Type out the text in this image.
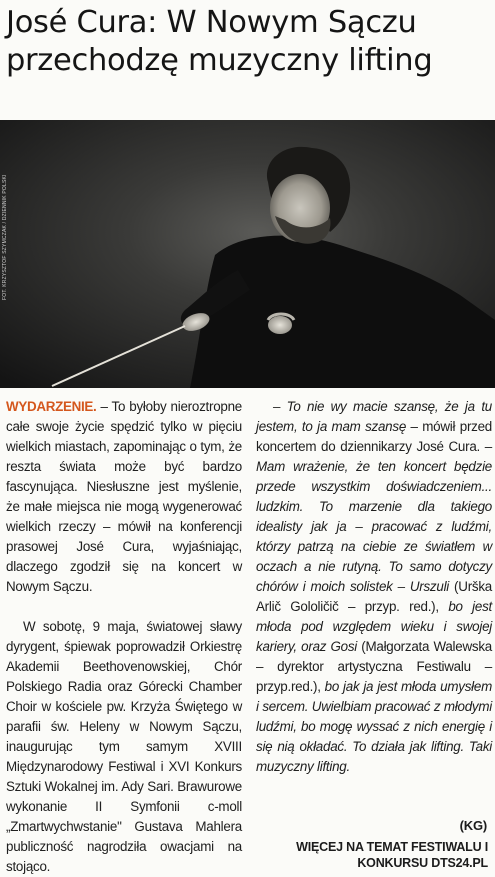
José Cura: W Nowym Sączu przechodzę muzyczny lifting
FOT. KRZYSZTOF SZYMCZAK / DZIENNIK POLSKI

WYDARZENIE. – To byłoby nieroztropne całe swoje życie spędzić tylko w pięciu wielkich miastach, zapominając o tym, że reszta świata może być bardzo fascynująca. Niesłuszne jest myślenie, że małe miejsca nie mogą wygenerować wielkich rzeczy – mówił na konferencji prasowej José Cura, wyjaśniając, dlaczego zgodził się na koncert w Nowym Sączu.

W sobotę, 9 maja, światowej sławy dyrygent, śpiewak poprowadził Orkiestrę Akademii Beethovenowskiej, Chór Polskiego Radia oraz Górecki Chamber Choir w kościele pw. Krzyża Świętego w parafii św. Heleny w Nowym Sączu, inaugurując tym samym XVIII Międzynarodowy Festiwal i XVI Konkurs Sztuki Wokalnej im. Ady Sari. Brawurowe wykonanie II Symfonii c-moll „Zmartwychwstanie" Gustava Mahlera publiczność nagrodziła owacjami na stojąco.

– To nie wy macie szansę, że ja tu jestem, to ja mam szansę – mówił przed koncertem do dziennikarzy José Cura. – Mam wrażenie, że ten koncert będzie przede wszystkim doświadczeniem... ludzkim. To marzenie dla takiego idealisty jak ja – pracować z ludźmi, którzy patrzą na ciebie ze światłem w oczach a nie rutyną. To samo dotyczy chórów i moich solistek – Urszuli (Urška Arlič Gololičič – przyp. red.), bo jest młoda pod względem wieku i swojej kariery, oraz Gosi (Małgorzata Walewska – dyrektor artystyczna Festiwalu – przyp.red.), bo jak ja jest młoda umysłem i sercem. Uwielbiam pracować z młodymi ludźmi, bo mogę wyssać z nich energię i się nią okładać. To działa jak lifting. Taki muzyczny lifting.

(KG)
WIĘCEJ NA TEMAT FESTIWALU I KONKURSU DTS24.PL
